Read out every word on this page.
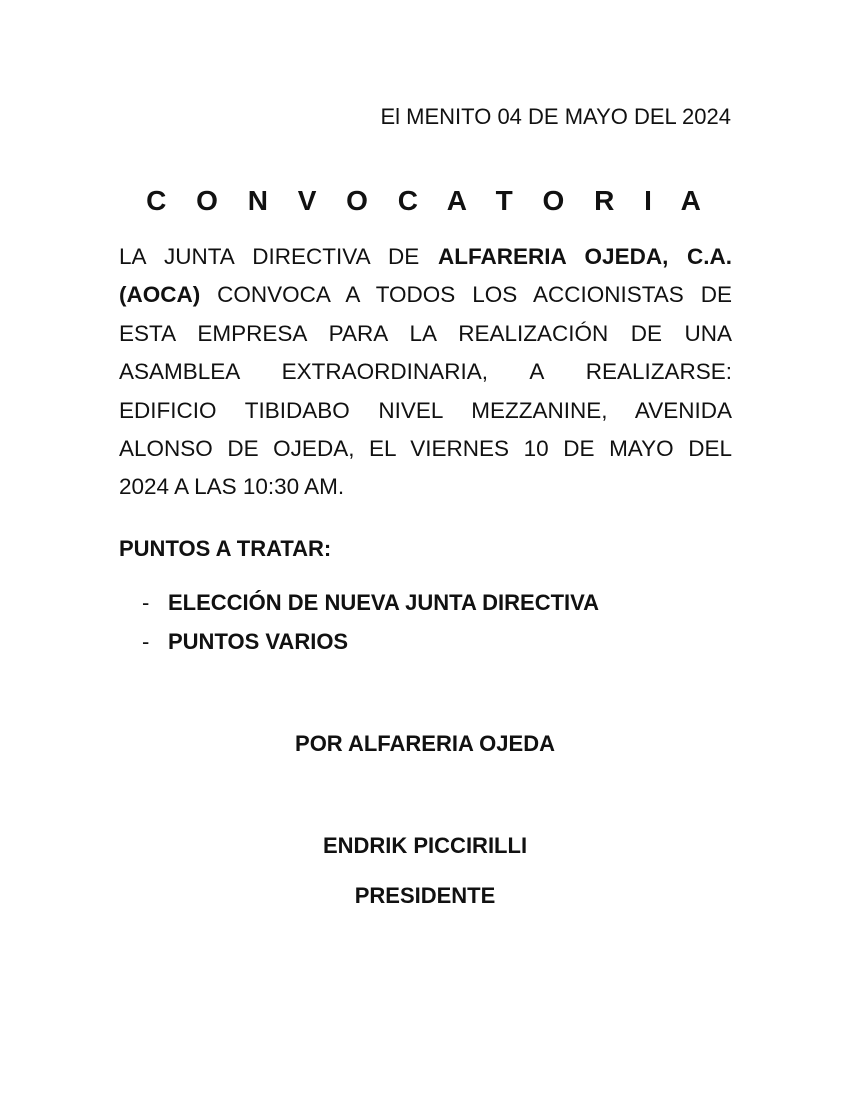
El MENITO 04 DE MAYO DEL 2024
C O N V O C A T O R I A
LA JUNTA DIRECTIVA DE ALFARERIA OJEDA, C.A.
(AOCA) CONVOCA A TODOS LOS ACCIONISTAS DE
ESTA EMPRESA PARA LA REALIZACIÓN DE UNA
ASAMBLEA EXTRAORDINARIA, A REALIZARSE:
EDIFICIO TIBIDABO NIVEL MEZZANINE, AVENIDA
ALONSO DE OJEDA, EL VIERNES 10 DE MAYO DEL
2024 A LAS 10:30 AM.
PUNTOS A TRATAR:
- ELECCIÓN DE NUEVA JUNTA DIRECTIVA
- PUNTOS VARIOS
POR ALFARERIA OJEDA
ENDRIK PICCIRILLI
PRESIDENTE
